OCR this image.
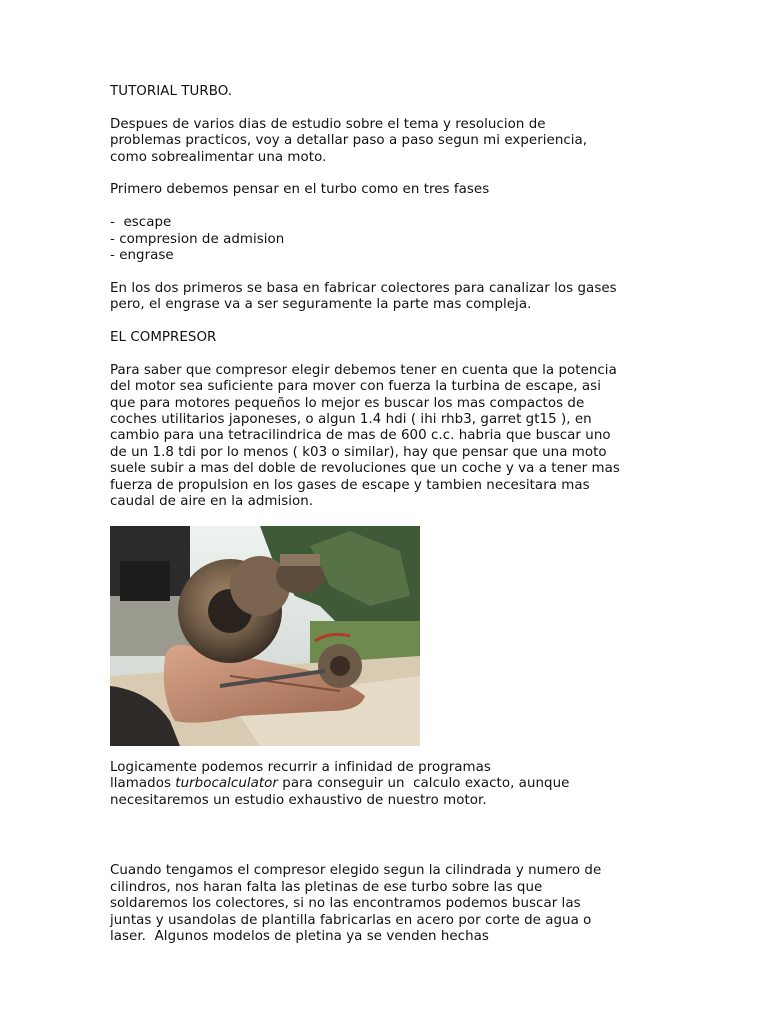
TUTORIAL TURBO.

Despues de varios dias de estudio sobre el tema y resolucion de
problemas practicos, voy a detallar paso a paso segun mi experiencia,
como sobrealimentar una moto.

Primero debemos pensar en el turbo como en tres fases

-  escape
- compresion de admision
- engrase

En los dos primeros se basa en fabricar colectores para canalizar los gases
pero, el engrase va a ser seguramente la parte mas compleja.

EL COMPRESOR

Para saber que compresor elegir debemos tener en cuenta que la potencia
del motor sea suficiente para mover con fuerza la turbina de escape, asi
que para motores pequeños lo mejor es buscar los mas compactos de
coches utilitarios japoneses, o algun 1.4 hdi ( ihi rhb3, garret gt15 ), en
cambio para una tetracilindrica de mas de 600 c.c. habria que buscar uno
de un 1.8 tdi por lo menos ( k03 o similar), hay que pensar que una moto
suele subir a mas del doble de revoluciones que un coche y va a tener mas
fuerza de propulsion en los gases de escape y tambien necesitara mas
caudal de aire en la admision.

Logicamente podemos recurrir a infinidad de programas
llamados turbocalculator para conseguir un  calculo exacto, aunque
necesitaremos un estudio exhaustivo de nuestro motor.

Cuando tengamos el compresor elegido segun la cilindrada y numero de
cilindros, nos haran falta las pletinas de ese turbo sobre las que
soldaremos los colectores, si no las encontramos podemos buscar las
juntas y usandolas de plantilla fabricarlas en acero por corte de agua o
laser.  Algunos modelos de pletina ya se venden hechas
